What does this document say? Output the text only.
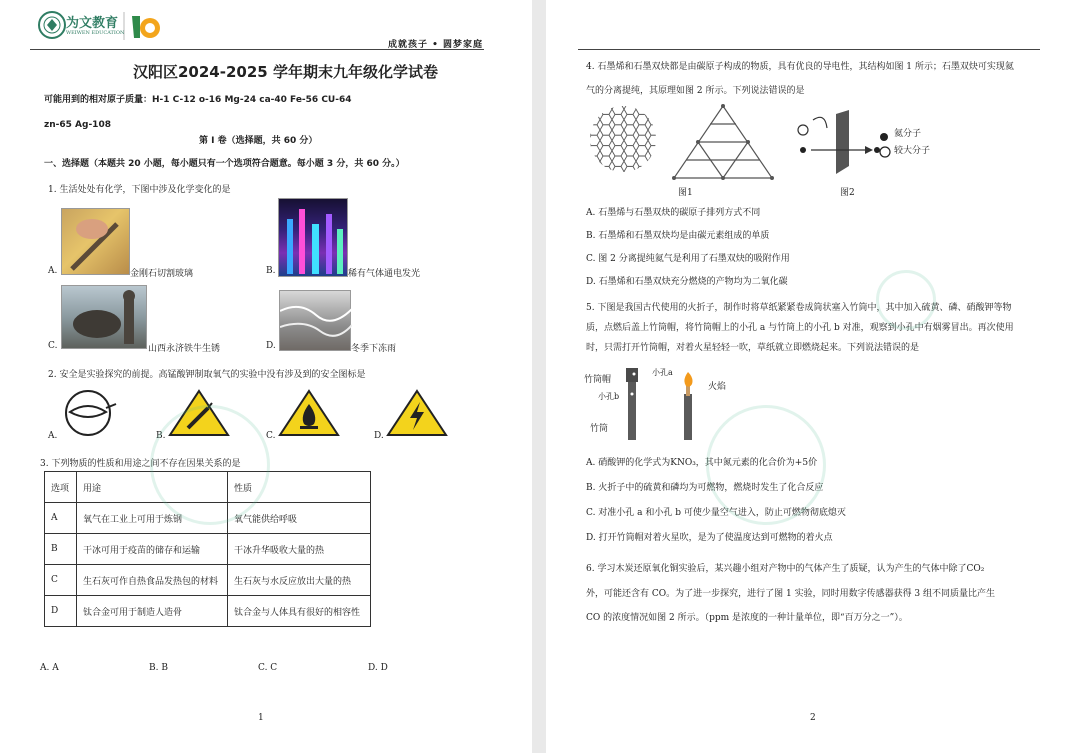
为文教育
WEIWEN EDUCATION
成就孩子 • 圆梦家庭
汉阳区2024-2025 学年期末九年级化学试卷
可能用到的相对原子质量：H-1 C-12 o-16 Mg-24 ca-40 Fe-56 CU-64
zn-65 Ag-108
第 Ⅰ 卷（选择题，共 60 分）
一、选择题（本题共 20 小题，每小题只有一个选项符合题意。每小题 3 分，共 60 分。）
1. 生活处处有化学，下图中涉及化学变化的是
A.	金刚石切割玻璃	B.	稀有气体通电发光
C.	山西永济铁牛生锈	D.	冬季下冻雨
2. 安全是实验探究的前提。高锰酸钾制取氧气的实验中没有涉及到的安全图标是
A.	B.	C.	D.
3. 下列物质的性质和用途之间不存在因果关系的是
选项	用途	性质
A	氧气在工业上可用于炼钢	氧气能供给呼吸
B	干冰可用于疫苗的储存和运输	干冰升华吸收大量的热
C	生石灰可作自热食品发热包的材料	生石灰与水反应放出大量的热
D	钛合金可用于制造人造骨	钛合金与人体具有很好的相容性
A. A	B. B	C. C	D. D
1
4. 石墨烯和石墨双炔都是由碳原子构成的物质，具有优良的导电性，其结构如图 1 所示；石墨双炔可实现氦
气的分离提纯，其原理如图 2 所示。下列说法错误的是
图1
氦分子
较大分子
图2
A. 石墨烯与石墨双炔的碳原子排列方式不同
B. 石墨烯和石墨双炔均是由碳元素组成的单质
C. 图 2 分离提纯氦气是利用了石墨双炔的吸附作用
D. 石墨烯和石墨双炔充分燃烧的产物均为二氧化碳
5. 下图是我国古代使用的火折子，制作时将草纸紧紧卷成筒状塞入竹筒中，其中加入硫黄、磷、硝酸钾等物
质，点燃后盖上竹筒帽，将竹筒帽上的小孔 a 与竹筒上的小孔 b 对准，观察到小孔中有烟雾冒出。再次使用
时，只需打开竹筒帽，对着火星轻轻一吹，草纸就立即燃烧起来。下列说法错误的是
竹筒帽
小孔a
小孔b
火焰
竹筒
A. 硝酸钾的化学式为KNO₃，其中氮元素的化合价为+5价
B. 火折子中的硫黄和磷均为可燃物，燃烧时发生了化合反应
C. 对准小孔 a 和小孔 b 可使少量空气进入，防止可燃物彻底熄灭
D. 打开竹筒帽对着火星吹，是为了使温度达到可燃物的着火点
6. 学习木炭还原氧化铜实验后，某兴趣小组对产物中的气体产生了质疑，认为产生的气体中除了CO₂
外，可能还含有 CO。为了进一步探究，进行了图 1 实验，同时用数字传感器获得 3 组不同质量比产生
CO 的浓度情况如图 2 所示。（ppm 是浓度的一种计量单位，即“百万分之一”）。
2
